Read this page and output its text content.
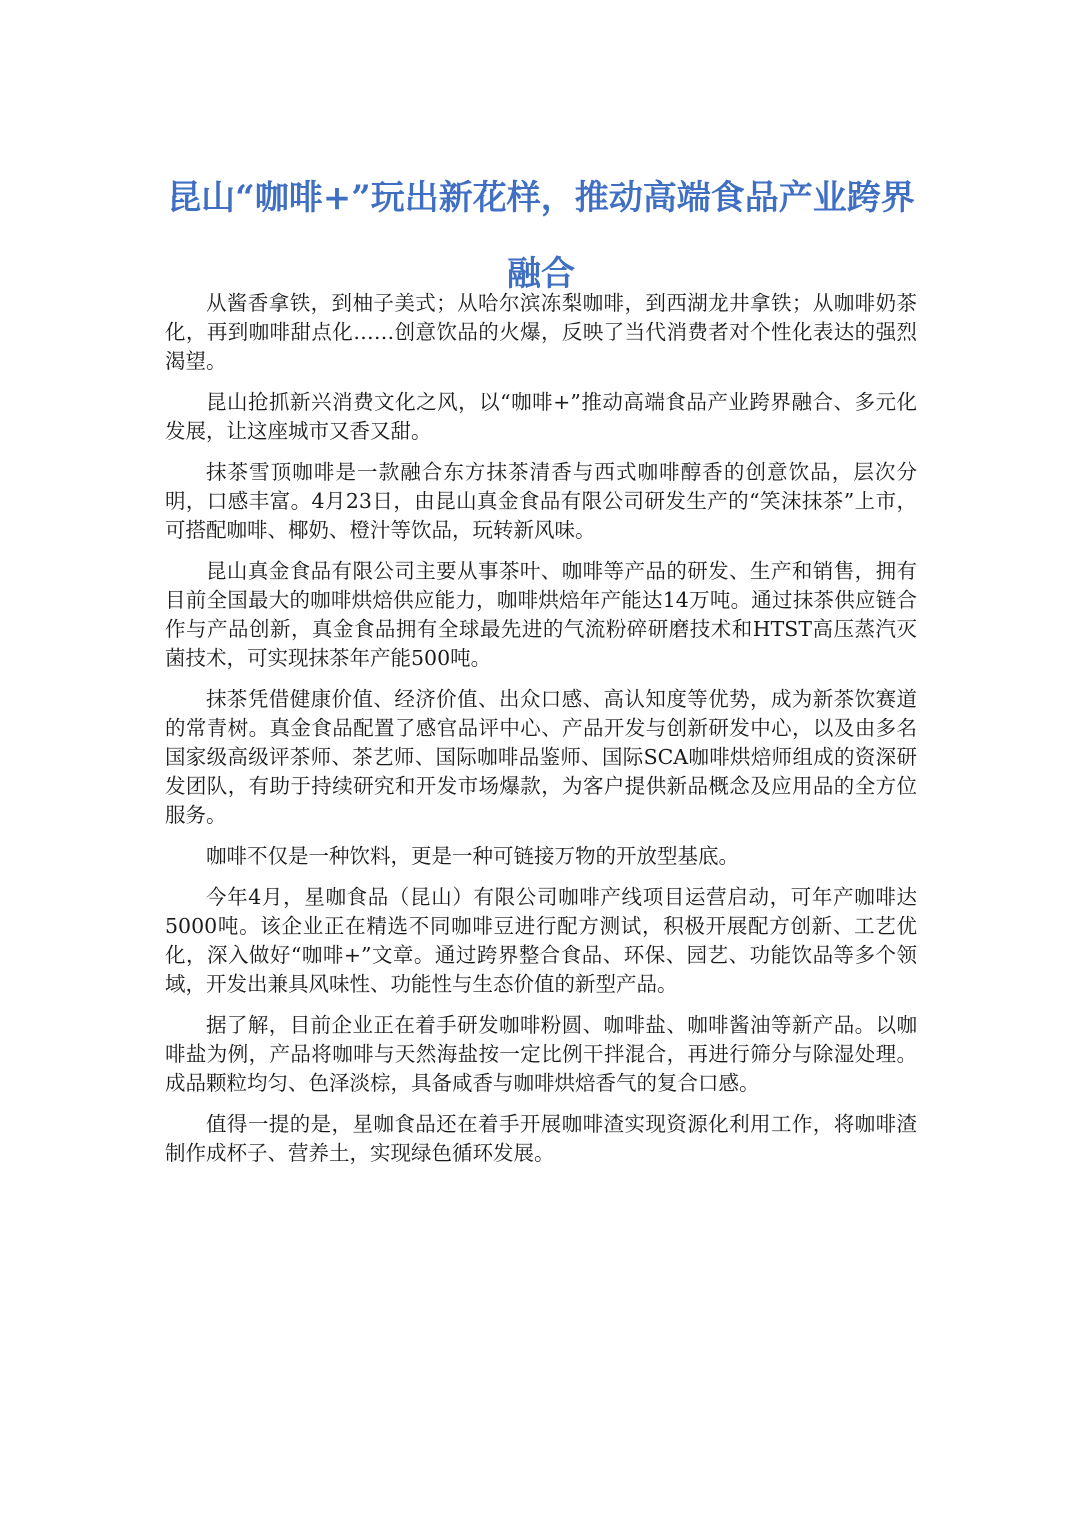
昆山“咖啡+”玩出新花样，推动高端食品产业跨界融合

从酱香拿铁，到柚子美式；从哈尔滨冻梨咖啡，到西湖龙井拿铁；从咖啡奶茶化，再到咖啡甜点化……创意饮品的火爆，反映了当代消费者对个性化表达的强烈渴望。

昆山抢抓新兴消费文化之风，以“咖啡+”推动高端食品产业跨界融合、多元化发展，让这座城市又香又甜。

抹茶雪顶咖啡是一款融合东方抹茶清香与西式咖啡醇香的创意饮品，层次分明，口感丰富。4月23日，由昆山真金食品有限公司研发生产的“笑沫抹茶”上市，可搭配咖啡、椰奶、橙汁等饮品，玩转新风味。

昆山真金食品有限公司主要从事茶叶、咖啡等产品的研发、生产和销售，拥有目前全国最大的咖啡烘焙供应能力，咖啡烘焙年产能达14万吨。通过抹茶供应链合作与产品创新，真金食品拥有全球最先进的气流粉碎研磨技术和HTST高压蒸汽灭菌技术，可实现抹茶年产能500吨。

抹茶凭借健康价值、经济价值、出众口感、高认知度等优势，成为新茶饮赛道的常青树。真金食品配置了感官品评中心、产品开发与创新研发中心，以及由多名国家级高级评茶师、茶艺师、国际咖啡品鉴师、国际SCA咖啡烘焙师组成的资深研发团队，有助于持续研究和开发市场爆款，为客户提供新品概念及应用品的全方位服务。

咖啡不仅是一种饮料，更是一种可链接万物的开放型基底。

今年4月，星咖食品（昆山）有限公司咖啡产线项目运营启动，可年产咖啡达5000吨。该企业正在精选不同咖啡豆进行配方测试，积极开展配方创新、工艺优化，深入做好“咖啡+”文章。通过跨界整合食品、环保、园艺、功能饮品等多个领域，开发出兼具风味性、功能性与生态价值的新型产品。

据了解，目前企业正在着手研发咖啡粉圆、咖啡盐、咖啡酱油等新产品。以咖啡盐为例，产品将咖啡与天然海盐按一定比例干拌混合，再进行筛分与除湿处理。成品颗粒均匀、色泽淡棕，具备咸香与咖啡烘焙香气的复合口感。

值得一提的是，星咖食品还在着手开展咖啡渣实现资源化利用工作，将咖啡渣制作成杯子、营养土，实现绿色循环发展。
